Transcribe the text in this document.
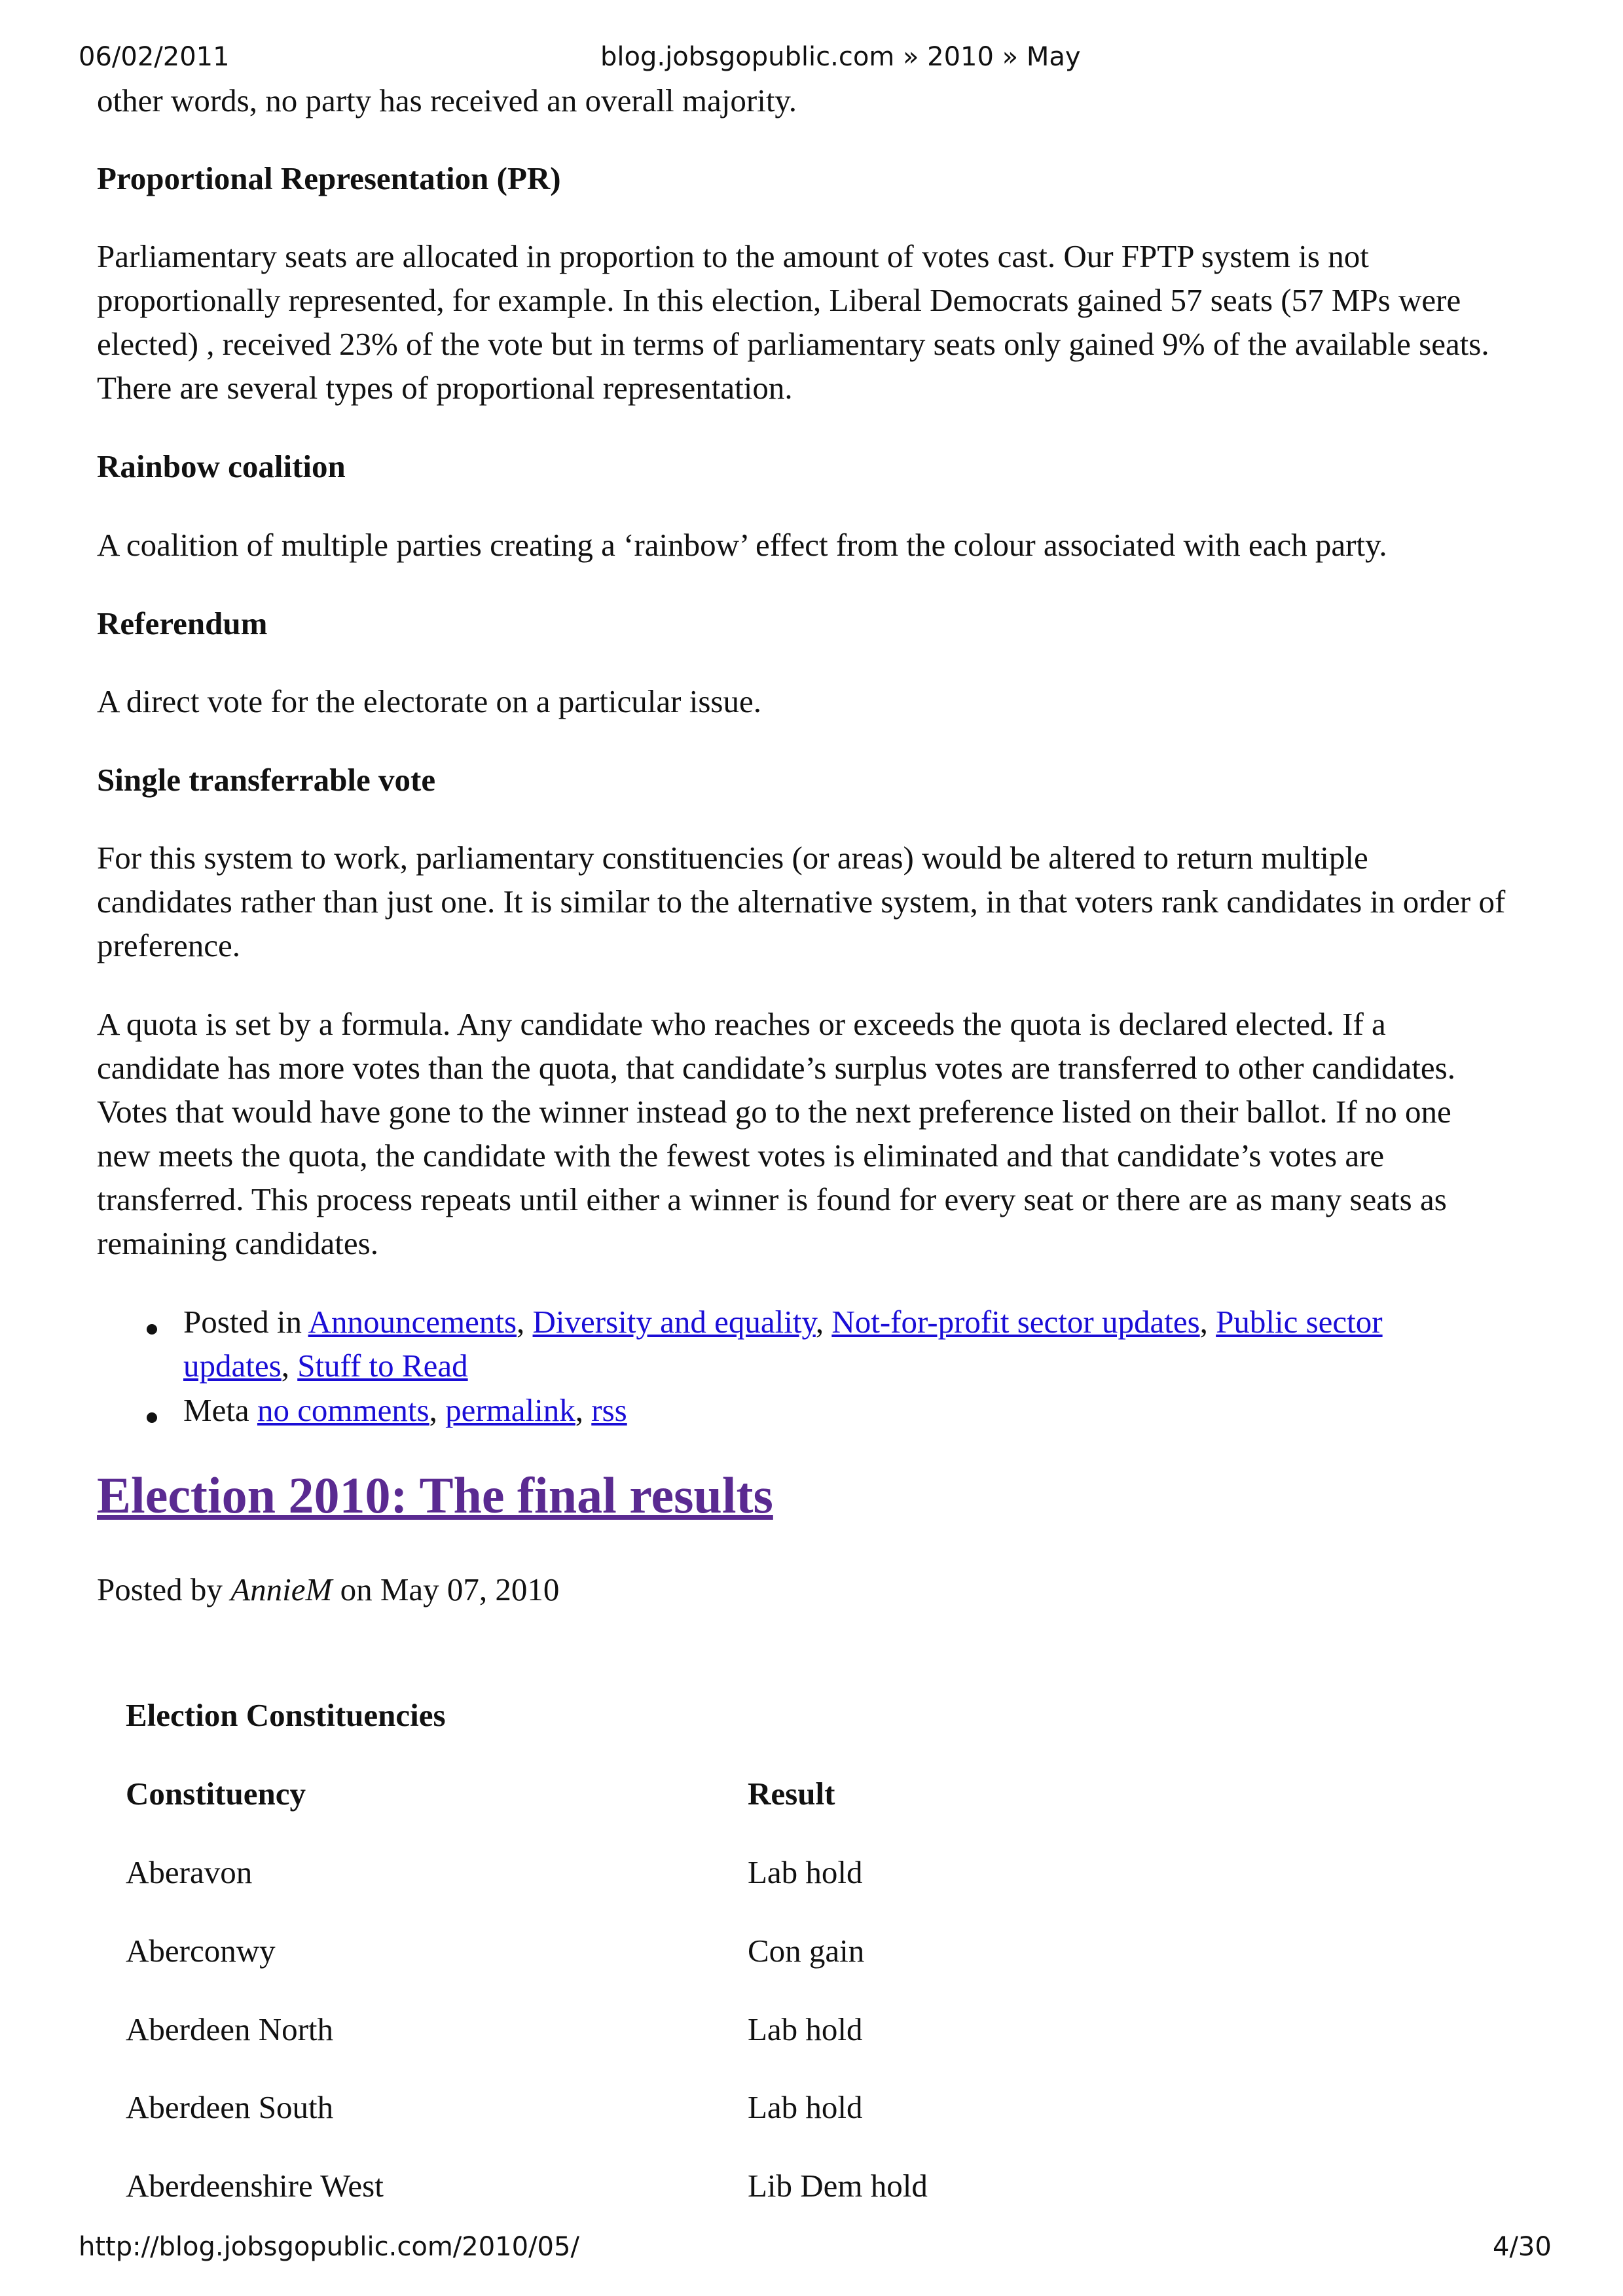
06/02/2011	blog.jobsgopublic.com » 2010 » May
other words, no party has received an overall majority.
Proportional Representation (PR)
Parliamentary seats are allocated in proportion to the amount of votes cast. Our FPTP system is not
proportionally represented, for example. In this election, Liberal Democrats gained 57 seats (57 MPs were
elected) , received 23% of the vote but in terms of parliamentary seats only gained 9% of the available seats.
There are several types of proportional representation.
Rainbow coalition
A coalition of multiple parties creating a ‘rainbow’ effect from the colour associated with each party.
Referendum
A direct vote for the electorate on a particular issue.
Single transferrable vote
For this system to work, parliamentary constituencies (or areas) would be altered to return multiple
candidates rather than just one. It is similar to the alternative system, in that voters rank candidates in order of
preference.
A quota is set by a formula. Any candidate who reaches or exceeds the quota is declared elected. If a
candidate has more votes than the quota, that candidate’s surplus votes are transferred to other candidates.
Votes that would have gone to the winner instead go to the next preference listed on their ballot. If no one
new meets the quota, the candidate with the fewest votes is eliminated and that candidate’s votes are
transferred. This process repeats until either a winner is found for every seat or there are as many seats as
remaining candidates.
Posted in Announcements, Diversity and equality, Not-for-profit sector updates, Public sector
updates, Stuff to Read
Meta no comments, permalink, rss
Election 2010: The final results
Posted by AnnieM on May 07, 2010
Election Constituencies
Constituency	Result
Aberavon	Lab hold
Aberconwy	Con gain
Aberdeen North	Lab hold
Aberdeen South	Lab hold
Aberdeenshire West	Lib Dem hold
http://blog.jobsgopublic.com/2010/05/	4/30
